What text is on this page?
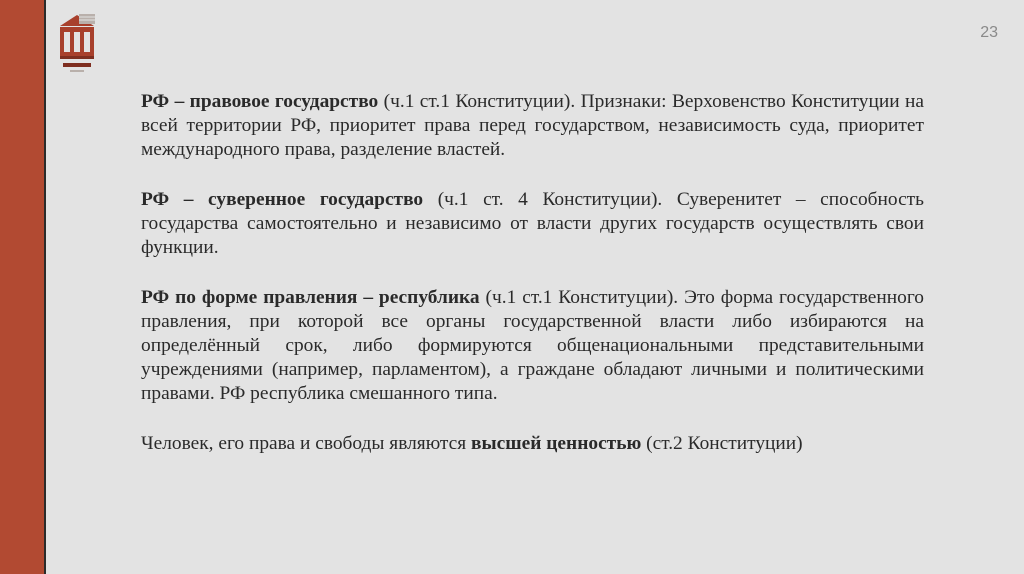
23

РФ – правовое государство (ч.1 ст.1 Конституции). Признаки: Верховенство Конституции на всей территории РФ, приоритет права перед государством, независимость суда, приоритет международного права, разделение властей.

РФ – суверенное государство (ч.1 ст. 4 Конституции). Суверенитет – способность государства самостоятельно и независимо от власти других государств осуществлять свои функции.

РФ по форме правления – республика (ч.1 ст.1 Конституции). Это форма государственного правления, при которой все органы государственной власти либо избираются на определённый срок, либо формируются общенациональными представительными учреждениями (например, парламентом), а граждане обладают личными и политическими правами. РФ республика смешанного типа.

Человек, его права и свободы являются высшей ценностью (ст.2 Конституции)
